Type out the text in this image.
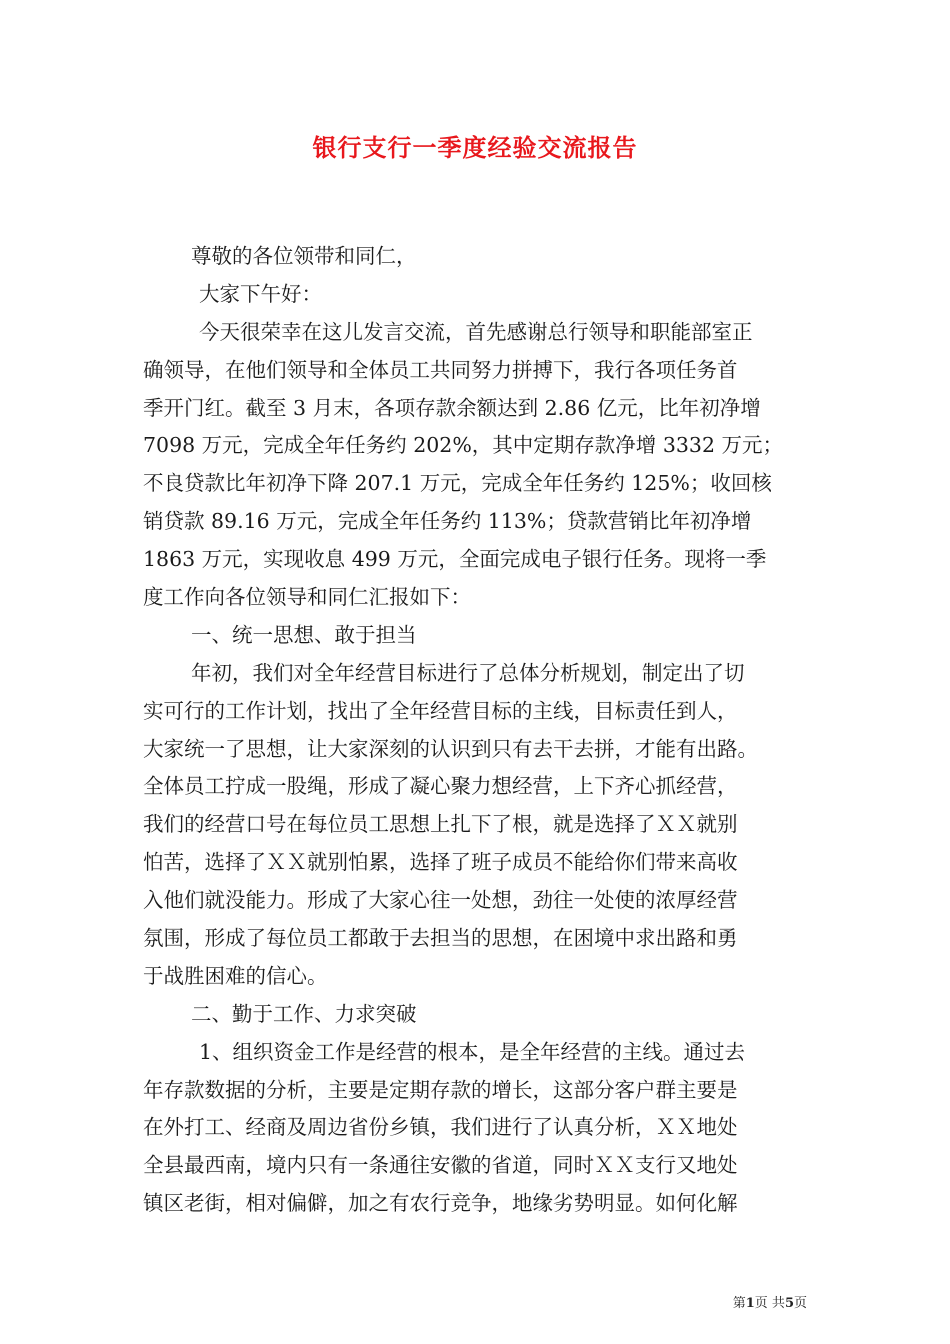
银行支行一季度经验交流报告
尊敬的各位领带和同仁，
大家下午好：
今天很荣幸在这儿发言交流，首先感谢总行领导和职能部室正
确领导，在他们领导和全体员工共同努力拼搏下，我行各项任务首
季开门红。截至 3 月末，各项存款余额达到 2.86 亿元，比年初净增
7098 万元，完成全年任务约 202%，其中定期存款净增 3332 万元；
不良贷款比年初净下降 207.1 万元，完成全年任务约 125%；收回核
销贷款 89.16 万元，完成全年任务约 113%；贷款营销比年初净增
1863 万元，实现收息 499 万元，全面完成电子银行任务。现将一季
度工作向各位领导和同仁汇报如下：
一、统一思想、敢于担当
年初，我们对全年经营目标进行了总体分析规划，制定出了切
实可行的工作计划，找出了全年经营目标的主线，目标责任到人，
大家统一了思想，让大家深刻的认识到只有去干去拼，才能有出路。
全体员工拧成一股绳，形成了凝心聚力想经营，上下齐心抓经营，
我们的经营口号在每位员工思想上扎下了根，就是选择了ＸＸ就别
怕苦，选择了ＸＸ就别怕累，选择了班子成员不能给你们带来高收
入他们就没能力。形成了大家心往一处想，劲往一处使的浓厚经营
氛围，形成了每位员工都敢于去担当的思想，在困境中求出路和勇
于战胜困难的信心。
二、勤于工作、力求突破
1、组织资金工作是经营的根本，是全年经营的主线。通过去
年存款数据的分析，主要是定期存款的增长，这部分客户群主要是
在外打工、经商及周边省份乡镇，我们进行了认真分析，ＸＸ地处
全县最西南，境内只有一条通往安徽的省道，同时ＸＸ支行又地处
镇区老街，相对偏僻，加之有农行竞争，地缘劣势明显。如何化解
第1页 共5页
